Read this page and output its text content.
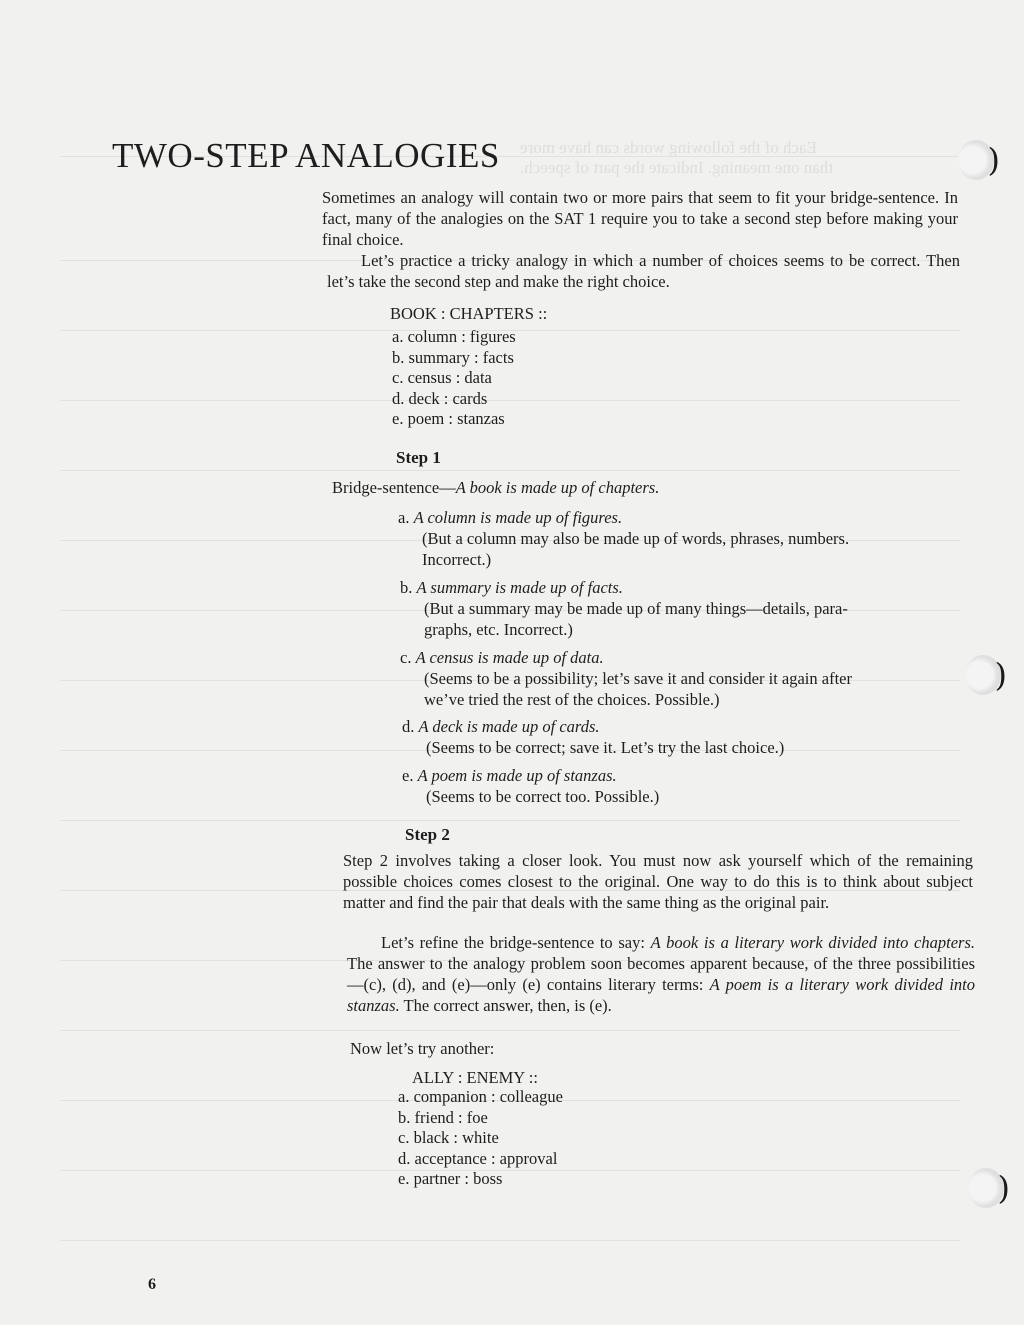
Each of the following words can have more
than one meaning. Indicate the part of speech.	)
)
)
TWO-STEP ANALOGIES

Sometimes an analogy will contain two or more pairs that seem to fit your bridge-sentence. In fact, many of the analogies on the SAT 1 require you to take a second step before making your final choice.

Let’s practice a tricky analogy in which a number of choices seems to be correct. Then let’s take the second step and make the right choice.

BOOK : CHAPTERS ::
a. column : figures
b. summary : facts
c. census : data
d. deck : cards
e. poem : stanzas
Step 1

Bridge-sentence—A book is made up of chapters.

a. A column is made up of figures.
(But a column may also be made up of words, phrases, numbers.
Incorrect.)
b. A summary is made up of facts.
(But a summary may be made up of many things—details, para-
graphs, etc. Incorrect.)
c. A census is made up of data.
(Seems to be a possibility; let’s save it and consider it again after
we’ve tried the rest of the choices. Possible.)
d. A deck is made up of cards.
(Seems to be correct; save it. Let’s try the last choice.)
e. A poem is made up of stanzas.
(Seems to be correct too. Possible.)
Step 2

Step 2 involves taking a closer look. You must now ask yourself which of the remaining possible choices comes closest to the original. One way to do this is to think about subject matter and find the pair that deals with the same thing as the original pair.

Let’s refine the bridge-sentence to say: A book is a literary work divided into chapters. The answer to the analogy problem soon becomes apparent because, of the three possibilities—(c), (d), and (e)—only (e) contains literary terms: A poem is a literary work divided into stanzas. The correct answer, then, is (e).

Now let’s try another:

ALLY : ENEMY ::
a. companion : colleague
b. friend : foe
c. black : white
d. acceptance : approval
e. partner : boss
6
